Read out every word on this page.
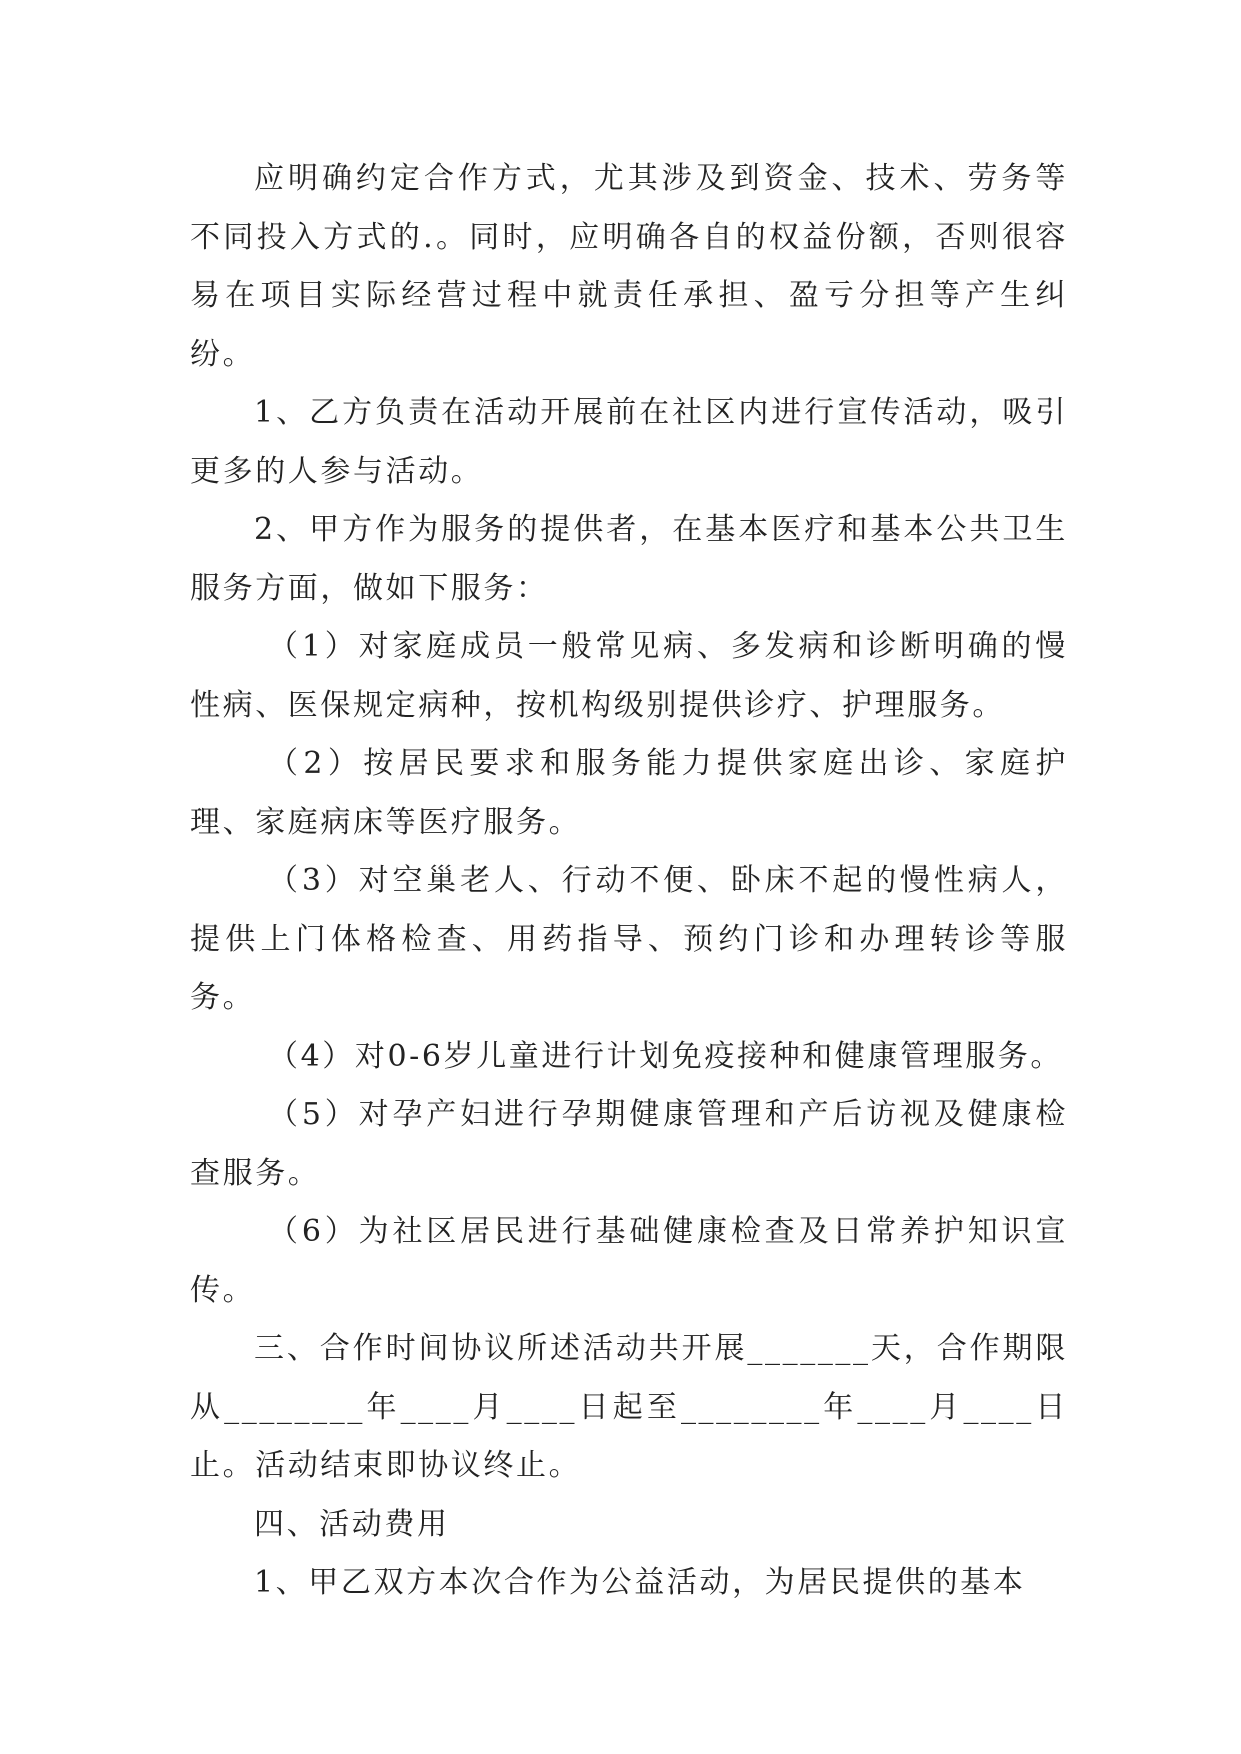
应明确约定合作方式，尤其涉及到资金、技术、劳务等不同投入方式的.。同时，应明确各自的权益份额，否则很容易在项目实际经营过程中就责任承担、盈亏分担等产生纠纷。

1、乙方负责在活动开展前在社区内进行宣传活动，吸引更多的人参与活动。

2、甲方作为服务的提供者，在基本医疗和基本公共卫生服务方面，做如下服务：

（1）对家庭成员一般常见病、多发病和诊断明确的慢性病、医保规定病种，按机构级别提供诊疗、护理服务。

（2）按居民要求和服务能力提供家庭出诊、家庭护理、家庭病床等医疗服务。

（3）对空巢老人、行动不便、卧床不起的慢性病人，提供上门体格检查、用药指导、预约门诊和办理转诊等服务。

（4）对0-6岁儿童进行计划免疫接种和健康管理服务。

（5）对孕产妇进行孕期健康管理和产后访视及健康检查服务。

（6）为社区居民进行基础健康检查及日常养护知识宣传。

三、合作时间协议所述活动共开展_______天，合作期限从________年____月____日起至________年____月____日止。活动结束即协议终止。

四、活动费用

1、甲乙双方本次合作为公益活动，为居民提供的基本
